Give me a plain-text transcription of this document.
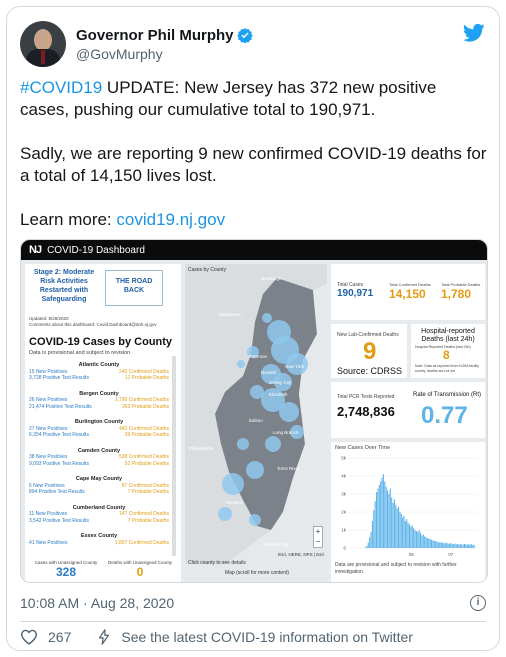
Governor Phil Murphy
@GovMurphy

#COVID19 UPDATE: New Jersey has 372 new positive cases, pushing our cumulative total to 190,971.

Sadly, we are reporting 9 new confirmed COVID-19 deaths for a total of 14,150 lives lost.

Learn more: covid19.nj.gov

NJ COVID-19 Dashboard
Stage 2: Moderate Risk Activities Restarted with Safeguarding
THE ROAD BACK
Updated: 8/28/2020
Comments about this dashboard: Covid.Dashboard@doh.nj.gov
COVID-19 Cases by County
Data is provisional and subject to revision.
Atlantic County
15 New Positives	240 Confirmed Deaths
3,728 Positive Test Results	11 Probable Deaths
Bergen County
26 New Positives	1,790 Confirmed Deaths
21,474 Positive Test Results	263 Probable Deaths
Burlington County
27 New Positives	442 Confirmed Deaths
6,354 Positive Test Results	39 Probable Deaths
Camden County
38 New Positives	538 Confirmed Deaths
9,093 Positive Test Results	52 Probable Deaths
Cape May County
6 New Positives	87 Confirmed Deaths
894 Positive Test Results	7 Probable Deaths
Cumberland County
11 New Positives	147 Confirmed Deaths
3,542 Positive Test Results	7 Probable Deaths
Essex County
41 New Positives	1,857 Confirmed Deaths
Cases with Unassigned County
328
Deaths with Unassigned County
0
Newburgh
Middletown
Paterson
New York
Jersey City
Newark
Elizabeth
Edison
Long Branch
Philadelphia
Toms River
Vineland
Atlantic City
Cases by County
+
−
Esri, HERE, NPS | Esri
Click county to see details
Map (scroll for more content)
Total Cases
190,971
Total Confirmed Deaths
14,150
Total Probable Deaths
1,780
New Lab-Confirmed Deaths
9
Source: CDRSS
Hospital-reported Deaths (last 24h)
Hospital Reported Deaths (last 24h)
8
Note: Data as reported from NJHA facility survey, deaths are not yet
Total PCR Tests Reported
2,748,836
Rate of Transmission (Rt)
0.77
New Cases Over Time
0
1k
2k
3k
4k
5k
05	07
Data are provisional and subject to revision with further investigation.
10:08 AM · Aug 28, 2020	i
267	See the latest COVID-19 information on Twitter
